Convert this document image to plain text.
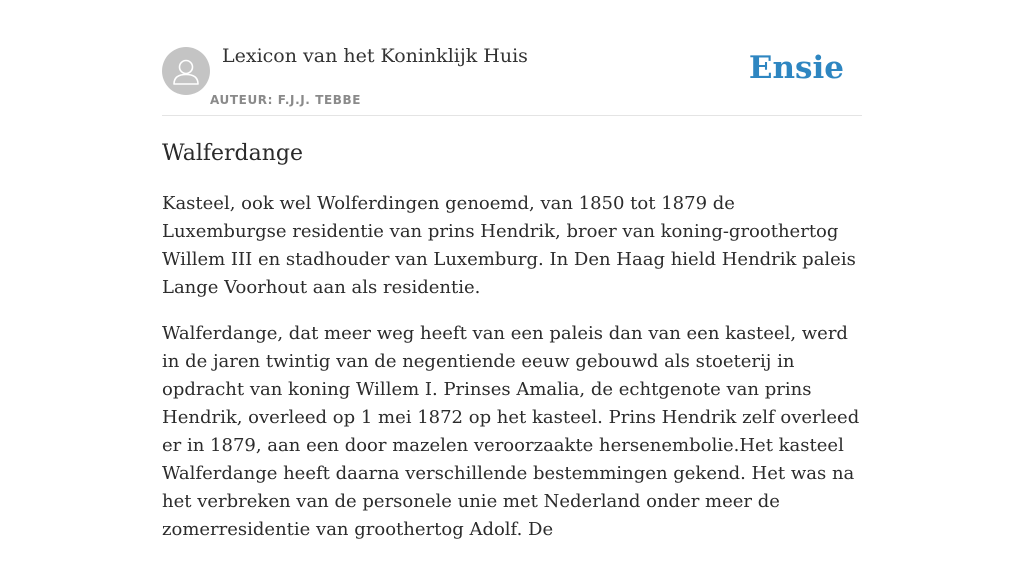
Lexicon van het Koninklijk Huis
AUTEUR: F.J.J. TEBBE
Ensie
Walferdange

Kasteel, ook wel Wolferdingen genoemd, van 1850 tot 1879 de Luxemburgse residentie van prins Hendrik, broer van koning-groothertog Willem III en stadhouder van Luxemburg. In Den Haag hield Hendrik paleis Lange Voorhout aan als residentie.

Walferdange, dat meer weg heeft van een paleis dan van een kasteel, werd in de jaren twintig van de negentiende eeuw gebouwd als stoeterij in opdracht van koning Willem I. Prinses Amalia, de echtgenote van prins Hendrik, overleed op 1 mei 1872 op het kasteel. Prins Hendrik zelf overleed er in 1879, aan een door mazelen veroorzaakte hersenembolie.Het kasteel Walferdange heeft daarna verschillende bestemmingen gekend. Het was na het verbreken van de personele unie met Nederland onder meer de zomerresidentie van groothertog Adolf. De
